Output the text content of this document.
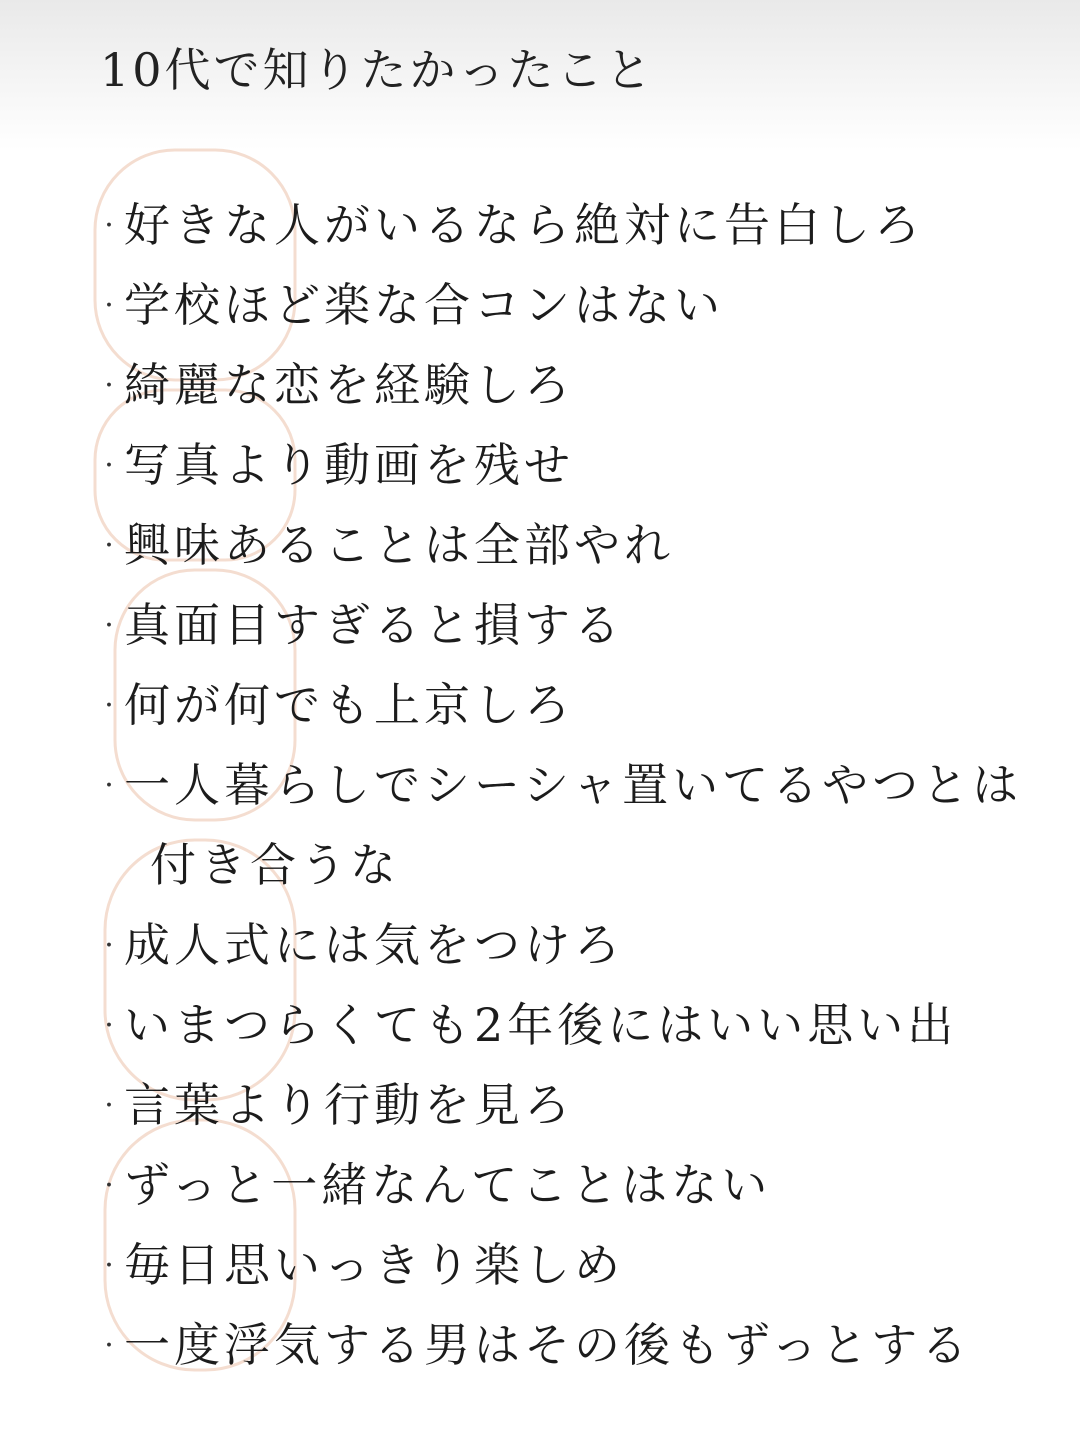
10代で知りたかったこと
· 好きな人がいるなら絶対に告白しろ
· 学校ほど楽な合コンはない
· 綺麗な恋を経験しろ
· 写真より動画を残せ
· 興味あることは全部やれ
· 真面目すぎると損する
· 何が何でも上京しろ
· 一人暮らしでシーシャ置いてるやつとは
付き合うな
· 成人式には気をつけろ
· いまつらくても2年後にはいい思い出
· 言葉より行動を見ろ
· ずっと一緒なんてことはない
· 毎日思いっきり楽しめ
· 一度浮気する男はその後もずっとする
